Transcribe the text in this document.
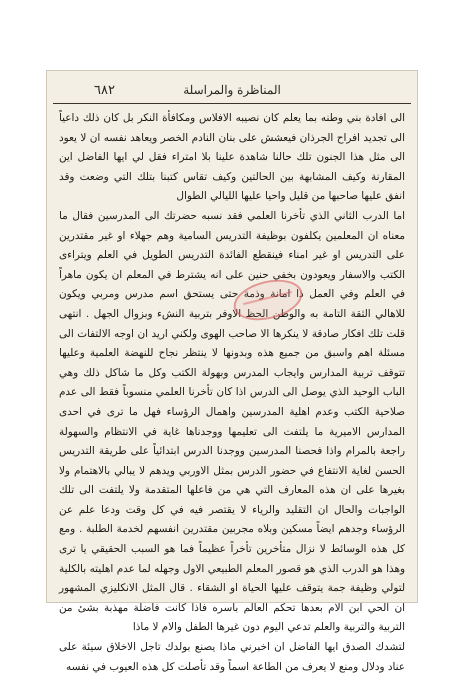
٦٨٢	المناظرة والمراسلة

الى افادة بني وطنه بما يعلم كان نصيبه الافلاس ومكافأة النكر بل كان ذلك داعياً الى تجديد افراح الجرذان فيعشش على بنان النادم الخصر ويعاهد نفسه ان لا يعود الى مثل هذا الجنون تلك حالنا شاهدة علينا بلا امتراء فقل لي ايها الفاضل اين المقارنة وكيف المشابهة بين الحالتين وكيف تقاس كتبنا بتلك التي وضعت وقد انفق عليها صاحبها من قليل واحيا عليها الليالي الطوال

اما الدرب الثاني الذي تأخرنا العلمي فقد نسبه حضرتك الى المدرسين فقال ما معناه ان المعلمين يكلفون بوظيفة التدريس السامية وهم جهلاء او غير مقتدرين على التدريس او غير امناء فينقطع الفائدة التدريس الطويل في العلم ويتراءى الكتب والاسفار ويعودون بخفي حنين على انه يشترط في المعلم ان يكون ماهراً في العلم وفي العمل ذا امانة وذمة حتى يستحق اسم مدرس ومربي ويكون للاهالي الثقة التامة به والوطن الحظ الاوفر بتربية النشء وبزوال الجهل . انتهى قلت تلك افكار صادقة لا ينكرها الا صاحب الهوى ولكني اريد ان اوجه الالتفات الى مسئلة اهم واسبق من جميع هذه وبدونها لا ينتظر نجاح للنهضة العلمية وعليها تتوقف تربية المدارس وايجاب المدرس وبهولة الكتب وكل ما شاكل ذلك وهي الباب الوحيد الذي يوصل الى الدرس اذا كان تأخرنا العلمي منسوباً فقط الى عدم صلاحية الكتب وعدم اهلية المدرسين واهمال الرؤساء فهل ما ترى في احدى المدارس الاميرية ما يلتفت الى تعليمها ووجدناها غاية في الانتظام والسهولة راجعة بالمرام واذا فحصنا المدرسين ووجدنا الدرس ابتدائياً على طريقة التدريس الحسن لغاية الانتفاع في حضور الدرس بمثل الاوربي ويدهم لا يبالي بالاهتمام ولا بغيرها على ان هذه المعارف التي هي من فاعلها المتقدمة ولا يلتفت الى تلك الواجبات والحال ان التقليد والرياء لا يقتصر فيه في كل وقت ودعا علم عن الرؤساء وجدهم ايضاً مسكين وبلاه مجربين مقتدرين انفسهم لخدمة الطلبة . ومع كل هذه الوسائط لا نزال متأخرين تأخراً عظيماً فما هو السبب الحقيقي يا ترى وهذا هو الدرب الذي هو قصور المعلم الطبيعي الاول وجهله لما عدم اهليته بالكلية لتولي وظيفة جمة يتوقف عليها الحياة او الشقاء . قال المثل الانكليزي المشهور ان الحي ابن الام بعدها تحكم العالم باسره فاذا كانت فاضلة مهذبة بشئ من التربية والتربية والعلم تدعي اليوم دون غيرها الطفل والام لا ماذا

لتشدك الصدق ايها الفاضل ان اخبرني ماذا يصنع بولدك تاجل الاخلاق سيئة على عناد ودلال ومنع لا يعرف من الطاعة اسماً وقد تأصلت كل هذه العيوب في نفسه
